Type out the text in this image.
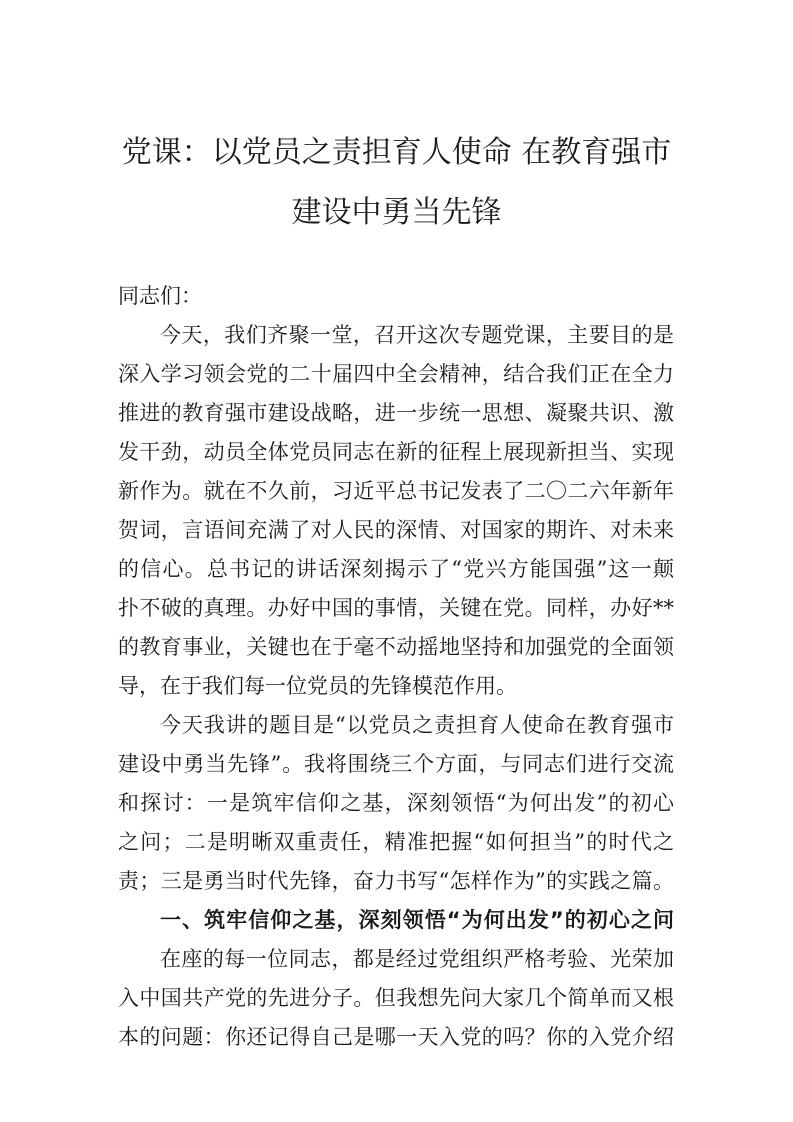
党课：以党员之责担育人使命 在教育强市
建设中勇当先锋
同志们：
今天，我们齐聚一堂，召开这次专题党课，主要目的是
深入学习领会党的二十届四中全会精神，结合我们正在全力
推进的教育强市建设战略，进一步统一思想、凝聚共识、激
发干劲，动员全体党员同志在新的征程上展现新担当、实现
新作为。就在不久前，习近平总书记发表了二〇二六年新年
贺词，言语间充满了对人民的深情、对国家的期许、对未来
的信心。总书记的讲话深刻揭示了“党兴方能国强”这一颠
扑不破的真理。办好中国的事情，关键在党。同样，办好**
的教育事业，关键也在于毫不动摇地坚持和加强党的全面领
导，在于我们每一位党员的先锋模范作用。
今天我讲的题目是“以党员之责担育人使命在教育强市
建设中勇当先锋”。我将围绕三个方面，与同志们进行交流
和探讨：一是筑牢信仰之基，深刻领悟“为何出发”的初心
之问；二是明晰双重责任，精准把握“如何担当”的时代之
责；三是勇当时代先锋，奋力书写“怎样作为”的实践之篇。
一、筑牢信仰之基，深刻领悟“为何出发”的初心之问
在座的每一位同志，都是经过党组织严格考验、光荣加
入中国共产党的先进分子。但我想先问大家几个简单而又根
本的问题：你还记得自己是哪一天入党的吗？你的入党介绍
